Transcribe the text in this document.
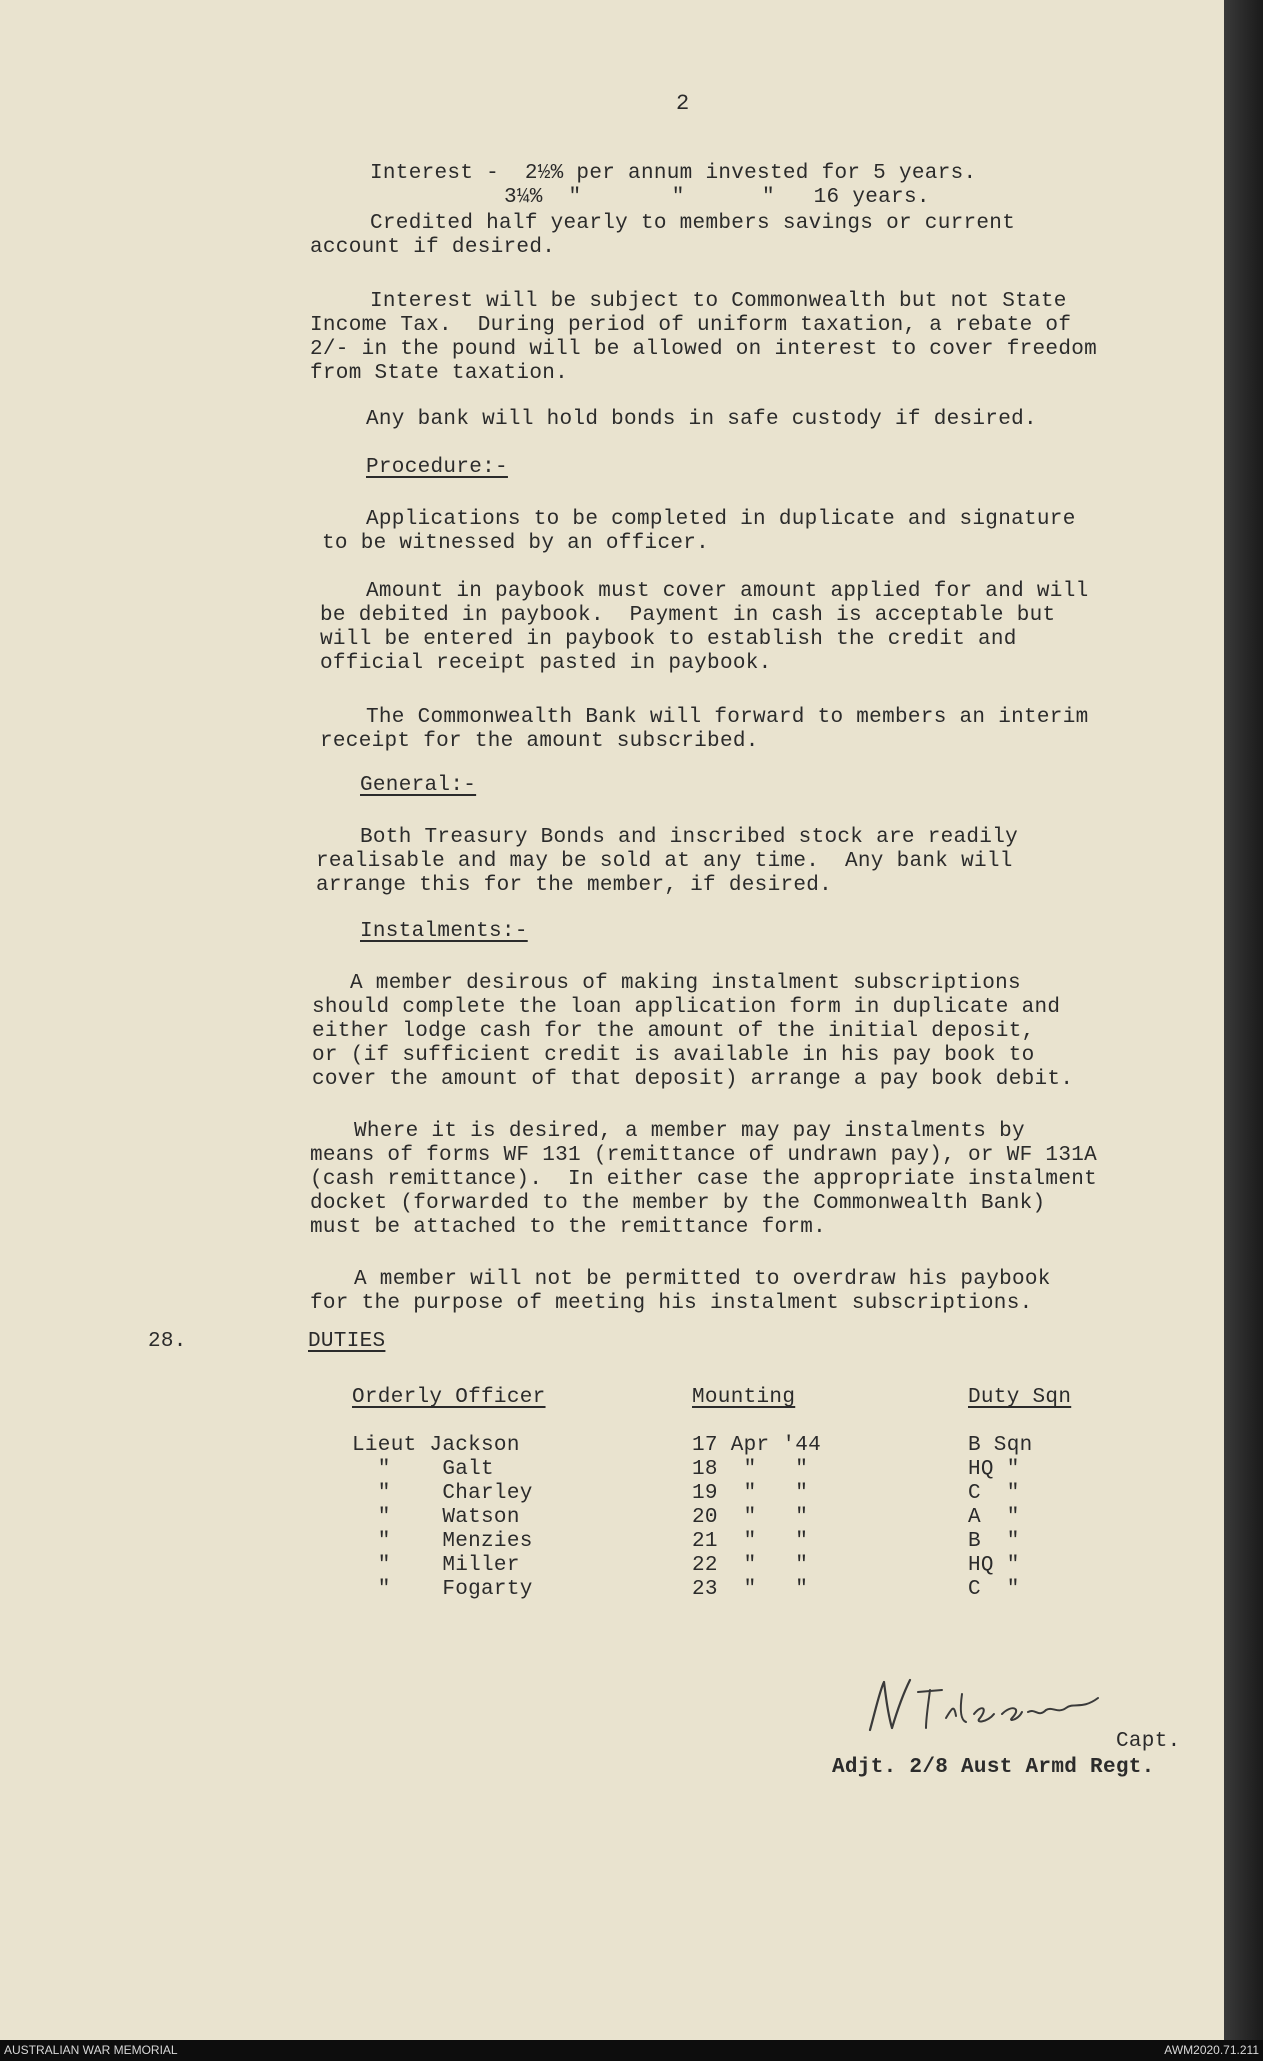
2
Interest -  2½% per annum invested for 5 years.
3¼%  "       "      "   16 years.
Credited half yearly to members savings or current
account if desired.
Interest will be subject to Commonwealth but not State
Income Tax.  During period of uniform taxation, a rebate of
2/- in the pound will be allowed on interest to cover freedom
from State taxation.
Any bank will hold bonds in safe custody if desired.
Procedure:-
Applications to be completed in duplicate and signature
to be witnessed by an officer.
Amount in paybook must cover amount applied for and will
be debited in paybook.  Payment in cash is acceptable but
will be entered in paybook to establish the credit and
official receipt pasted in paybook.
The Commonwealth Bank will forward to members an interim
receipt for the amount subscribed.
General:-
Both Treasury Bonds and inscribed stock are readily
realisable and may be sold at any time.  Any bank will
arrange this for the member, if desired.
Instalments:-
A member desirous of making instalment subscriptions
should complete the loan application form in duplicate and
either lodge cash for the amount of the initial deposit,
or (if sufficient credit is available in his pay book to
cover the amount of that deposit) arrange a pay book debit.
Where it is desired, a member may pay instalments by
means of forms WF 131 (remittance of undrawn pay), or WF 131A
(cash remittance).  In either case the appropriate instalment
docket (forwarded to the member by the Commonwealth Bank)
must be attached to the remittance form.
A member will not be permitted to overdraw his paybook
for the purpose of meeting his instalment subscriptions.
28.	DUTIES
Orderly Officer	Mounting	Duty Sqn
Lieut Jackson	17 Apr '44	B Sqn
"    Galt	18  "   "	HQ "
"    Charley	19  "   "	C  "
"    Watson	20  "   "	A  "
"    Menzies	21  "   "	B  "
"    Miller	22  "   "	HQ "
"    Fogarty	23  "   "	C  "
Capt.
Adjt. 2/8 Aust Armd Regt.
AUSTRALIAN WAR MEMORIAL	AWM2020.71.211
